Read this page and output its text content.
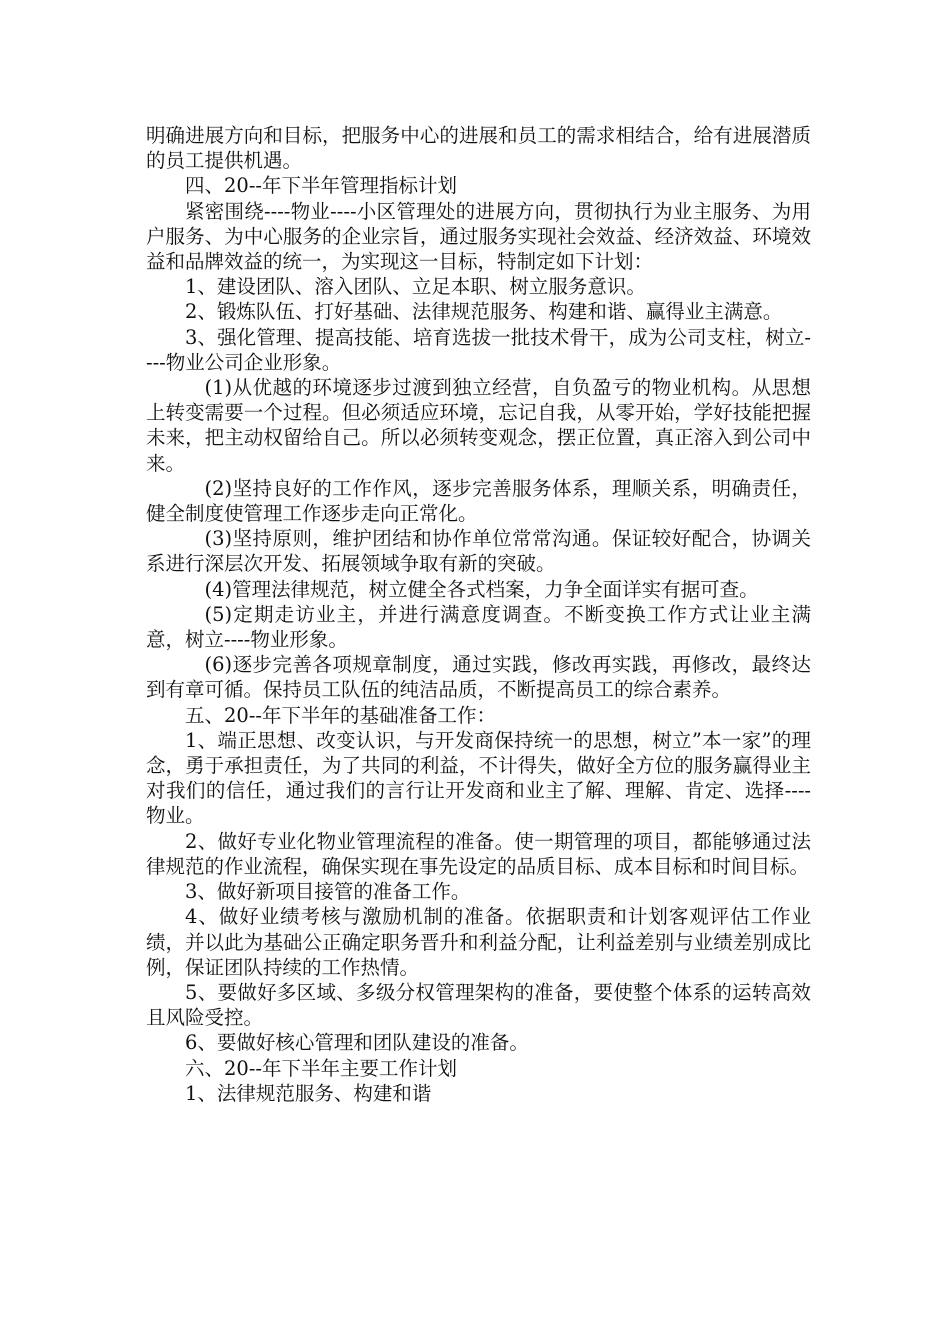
明确进展方向和目标，把服务中心的进展和员工的需求相结合，给有进展潜质的员工提供机遇。

四、20--年下半年管理指标计划

紧密围绕----物业----小区管理处的进展方向，贯彻执行为业主服务、为用户服务、为中心服务的企业宗旨，通过服务实现社会效益、经济效益、环境效益和品牌效益的统一，为实现这一目标，特制定如下计划：

1、建设团队、溶入团队、立足本职、树立服务意识。

2、锻炼队伍、打好基础、法律规范服务、构建和谐、赢得业主满意。

3、强化管理、提高技能、培育选拔一批技术骨干，成为公司支柱，树立----物业公司企业形象。

(1)从优越的环境逐步过渡到独立经营，自负盈亏的物业机构。从思想上转变需要一个过程。但必须适应环境，忘记自我，从零开始，学好技能把握未来，把主动权留给自己。所以必须转变观念，摆正位置，真正溶入到公司中来。

(2)坚持良好的工作作风，逐步完善服务体系，理顺关系，明确责任，健全制度使管理工作逐步走向正常化。

(3)坚持原则，维护团结和协作单位常常沟通。保证较好配合，协调关系进行深层次开发、拓展领域争取有新的突破。

(4)管理法律规范，树立健全各式档案，力争全面详实有据可查。

(5)定期走访业主，并进行满意度调查。不断变换工作方式让业主满意，树立----物业形象。

(6)逐步完善各项规章制度，通过实践，修改再实践，再修改，最终达到有章可循。保持员工队伍的纯洁品质，不断提高员工的综合素养。

五、20--年下半年的基础准备工作：

1、端正思想、改变认识，与开发商保持统一的思想，树立”本一家”的理念，勇于承担责任，为了共同的利益，不计得失，做好全方位的服务赢得业主对我们的信任，通过我们的言行让开发商和业主了解、理解、肯定、选择----物业。

2、做好专业化物业管理流程的准备。使一期管理的项目，都能够通过法律规范的作业流程，确保实现在事先设定的品质目标、成本目标和时间目标。

3、做好新项目接管的准备工作。

4、做好业绩考核与激励机制的准备。依据职责和计划客观评估工作业绩，并以此为基础公正确定职务晋升和利益分配，让利益差别与业绩差别成比例，保证团队持续的工作热情。

5、要做好多区域、多级分权管理架构的准备，要使整个体系的运转高效且风险受控。

6、要做好核心管理和团队建设的准备。

六、20--年下半年主要工作计划

1、法律规范服务、构建和谐
